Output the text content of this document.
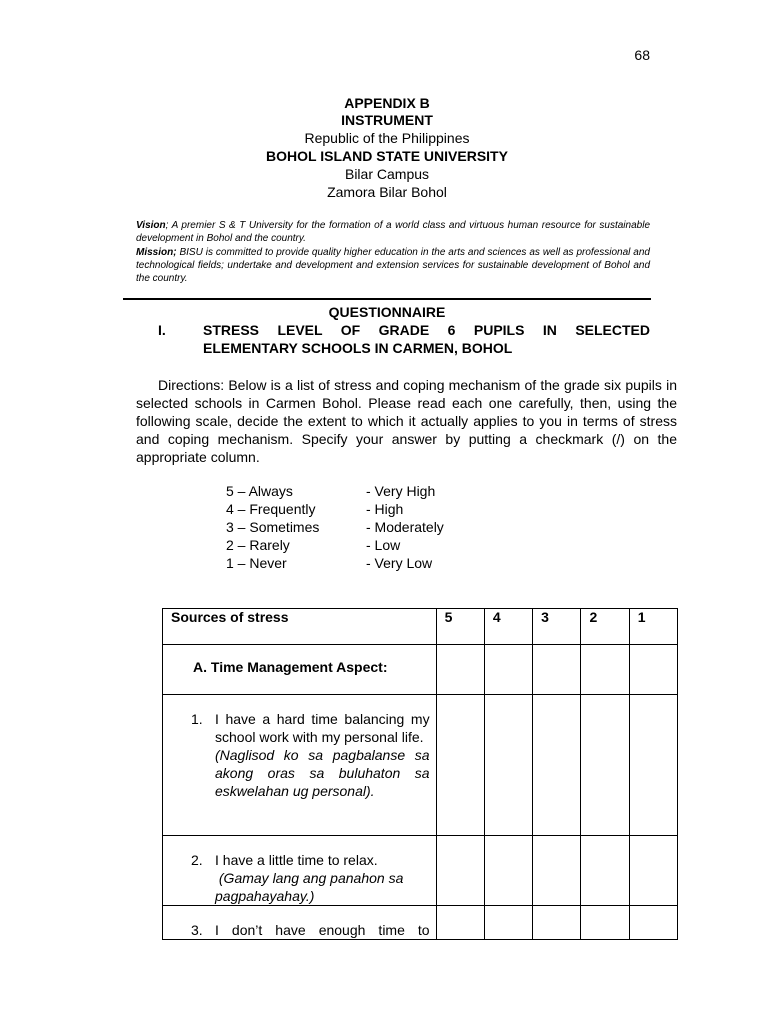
68
APPENDIX B
INSTRUMENT
Republic of the Philippines
BOHOL ISLAND STATE UNIVERSITY
Bilar Campus
Zamora Bilar Bohol
Vision; A premier S & T University for the formation of a world class and virtuous human resource for sustainable development in Bohol and the country.
Mission; BISU is committed to provide quality higher education in the arts and sciences as well as professional and technological fields; undertake and development and extension services for sustainable development of Bohol and the country.
QUESTIONNAIRE
I.	STRESS LEVEL OF GRADE 6 PUPILS IN SELECTED
ELEMENTARY SCHOOLS IN CARMEN, BOHOL
Directions: Below is a list of stress and coping mechanism of the grade six pupils in selected schools in Carmen Bohol. Please read each one carefully, then, using the following scale, decide the extent to which it actually applies to you in terms of stress and coping mechanism. Specify your answer by putting a checkmark (/) on the appropriate column.
5 – Always	- Very High
4 – Frequently	- High
3 – Sometimes	- Moderately
2 – Rarely	- Low
1 – Never	- Very Low
Sources of stress	5	4	3	2	1
A. Time Management Aspect:					

1. I have a hard time balancing my school work with my personal life.
(Naglisod ko sa pagbalanse sa akong oras sa buluhaton sa eskwelahan ug personal).					

2. I have a little time to relax.
(Gamay lang ang panahon sa pagpahayahay.)					

3. I don’t have enough time to					
